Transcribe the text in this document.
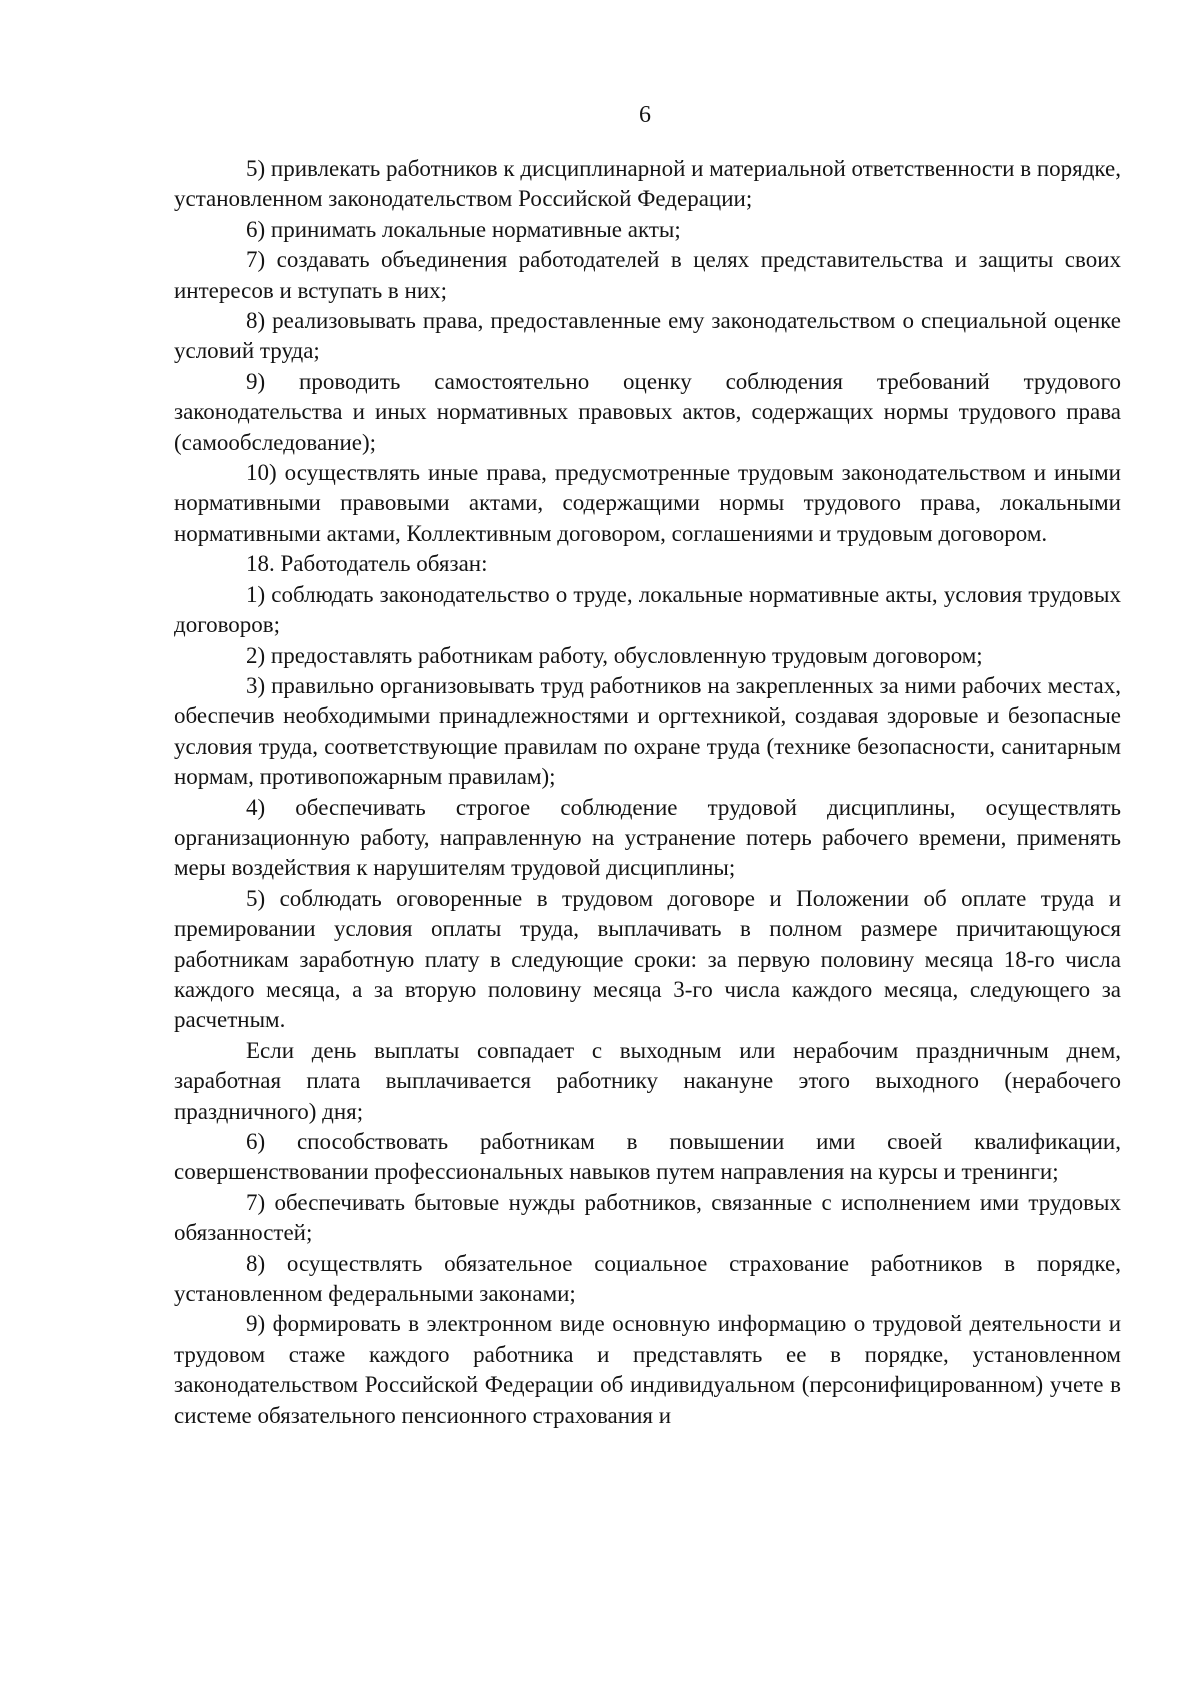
6

5) привлекать работников к дисциплинарной и материальной ответственности в порядке, установленном законодательством Российской Федерации;

6) принимать локальные нормативные акты;

7) создавать объединения работодателей в целях представительства и защиты своих интересов и вступать в них;

8) реализовывать права, предоставленные ему законодательством о специальной оценке условий труда;

9) проводить самостоятельно оценку соблюдения требований трудового законодательства и иных нормативных правовых актов, содержащих нормы трудового права (самообследование);

10) осуществлять иные права, предусмотренные трудовым законодательством и иными нормативными правовыми актами, содержащими нормы трудового права, локальными нормативными актами, Коллективным договором, соглашениями и трудовым договором.

18. Работодатель обязан:

1) соблюдать законодательство о труде, локальные нормативные акты, условия трудовых договоров;

2) предоставлять работникам работу, обусловленную трудовым договором;

3) правильно организовывать труд работников на закрепленных за ними рабочих местах, обеспечив необходимыми принадлежностями и оргтехникой, создавая здоровые и безопасные условия труда, соответствующие правилам по охране труда (технике безопасности, санитарным нормам, противопожарным правилам);

4) обеспечивать строгое соблюдение трудовой дисциплины, осуществлять организационную работу, направленную на устранение потерь рабочего времени, применять меры воздействия к нарушителям трудовой дисциплины;

5) соблюдать оговоренные в трудовом договоре и Положении об оплате труда и премировании условия оплаты труда, выплачивать в полном размере причитающуюся работникам заработную плату в следующие сроки: за первую половину месяца 18-го числа каждого месяца, а за вторую половину месяца 3-го числа каждого месяца, следующего за расчетным.

Если день выплаты совпадает с выходным или нерабочим праздничным днем, заработная плата выплачивается работнику накануне этого выходного (нерабочего праздничного) дня;

6) способствовать работникам в повышении ими своей квалификации, совершенствовании профессиональных навыков путем направления на курсы и тренинги;

7) обеспечивать бытовые нужды работников, связанные с исполнением ими трудовых обязанностей;

8) осуществлять обязательное социальное страхование работников в порядке, установленном федеральными законами;

9) формировать в электронном виде основную информацию о трудовой деятельности и трудовом стаже каждого работника и представлять ее в порядке, установленном законодательством Российской Федерации об индивидуальном (персонифицированном) учете в системе обязательного пенсионного страхования и
